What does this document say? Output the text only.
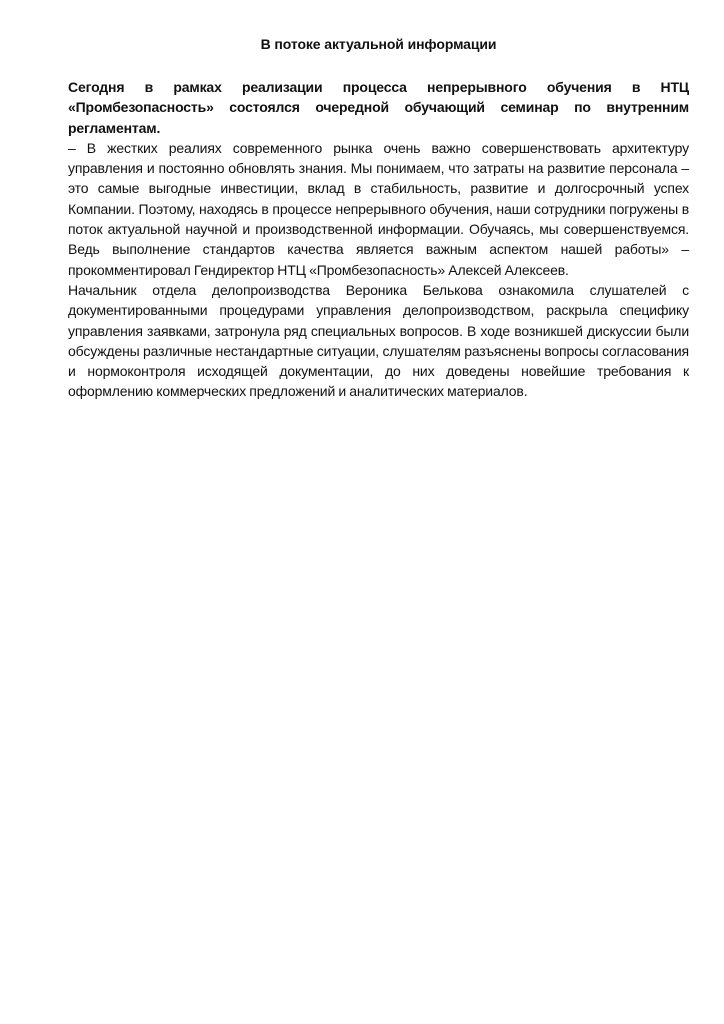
В потоке актуальной информации

Сегодня в рамках реализации процесса непрерывного обучения в НТЦ «Промбезопасность» состоялся очередной обучающий семинар по внутренним регламентам.

– В жестких реалиях современного рынка очень важно совершенствовать архитектуру управления и постоянно обновлять знания. Мы понимаем, что затраты на развитие персонала – это самые выгодные инвестиции, вклад в стабильность, развитие и долгосрочный успех Компании. Поэтому, находясь в процессе непрерывного обучения, наши сотрудники погружены в поток актуальной научной и производственной информации. Обучаясь, мы совершенствуемся. Ведь выполнение стандартов качества является важным аспектом нашей работы» – прокомментировал Гендиректор НТЦ «Промбезопасность» Алексей Алексеев.

Начальник отдела делопроизводства Вероника Белькова ознакомила слушателей с документированными процедурами управления делопроизводством, раскрыла специфику управления заявками, затронула ряд специальных вопросов. В ходе возникшей дискуссии были обсуждены различные нестандартные ситуации, слушателям разъяснены вопросы согласования и нормоконтроля исходящей документации, до них доведены новейшие требования к оформлению коммерческих предложений и аналитических материалов.
